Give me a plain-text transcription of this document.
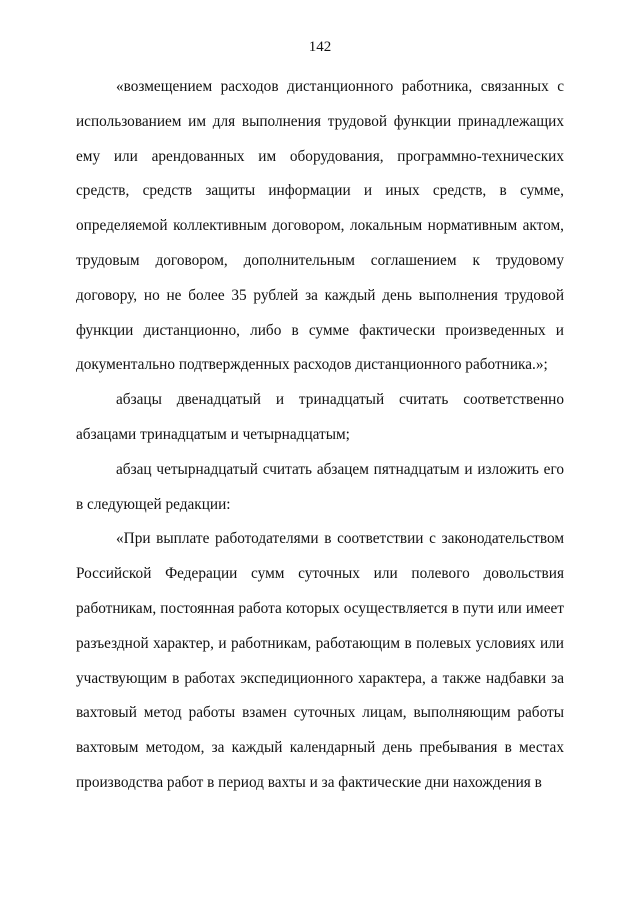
142

«возмещением расходов дистанционного работника, связанных с использованием им для выполнения трудовой функции принадлежащих ему или арендованных им оборудования, программно-технических средств, средств защиты информации и иных средств, в сумме, определяемой коллективным договором, локальным нормативным актом, трудовым договором, дополнительным соглашением к трудовому договору, но не более 35 рублей за каждый день выполнения трудовой функции дистанционно, либо в сумме фактически произведенных и документально подтвержденных расходов дистанционного работника.»;

абзацы двенадцатый и тринадцатый считать соответственно абзацами тринадцатым и четырнадцатым;

абзац четырнадцатый считать абзацем пятнадцатым и изложить его в следующей редакции:

«При выплате работодателями в соответствии с законодательством Российской Федерации сумм суточных или полевого довольствия работникам, постоянная работа которых осуществляется в пути или имеет разъездной характер, и работникам, работающим в полевых условиях или участвующим в работах экспедиционного характера, а также надбавки за вахтовый метод работы взамен суточных лицам, выполняющим работы вахтовым методом, за каждый календарный день пребывания в местах производства работ в период вахты и за фактические дни нахождения в
